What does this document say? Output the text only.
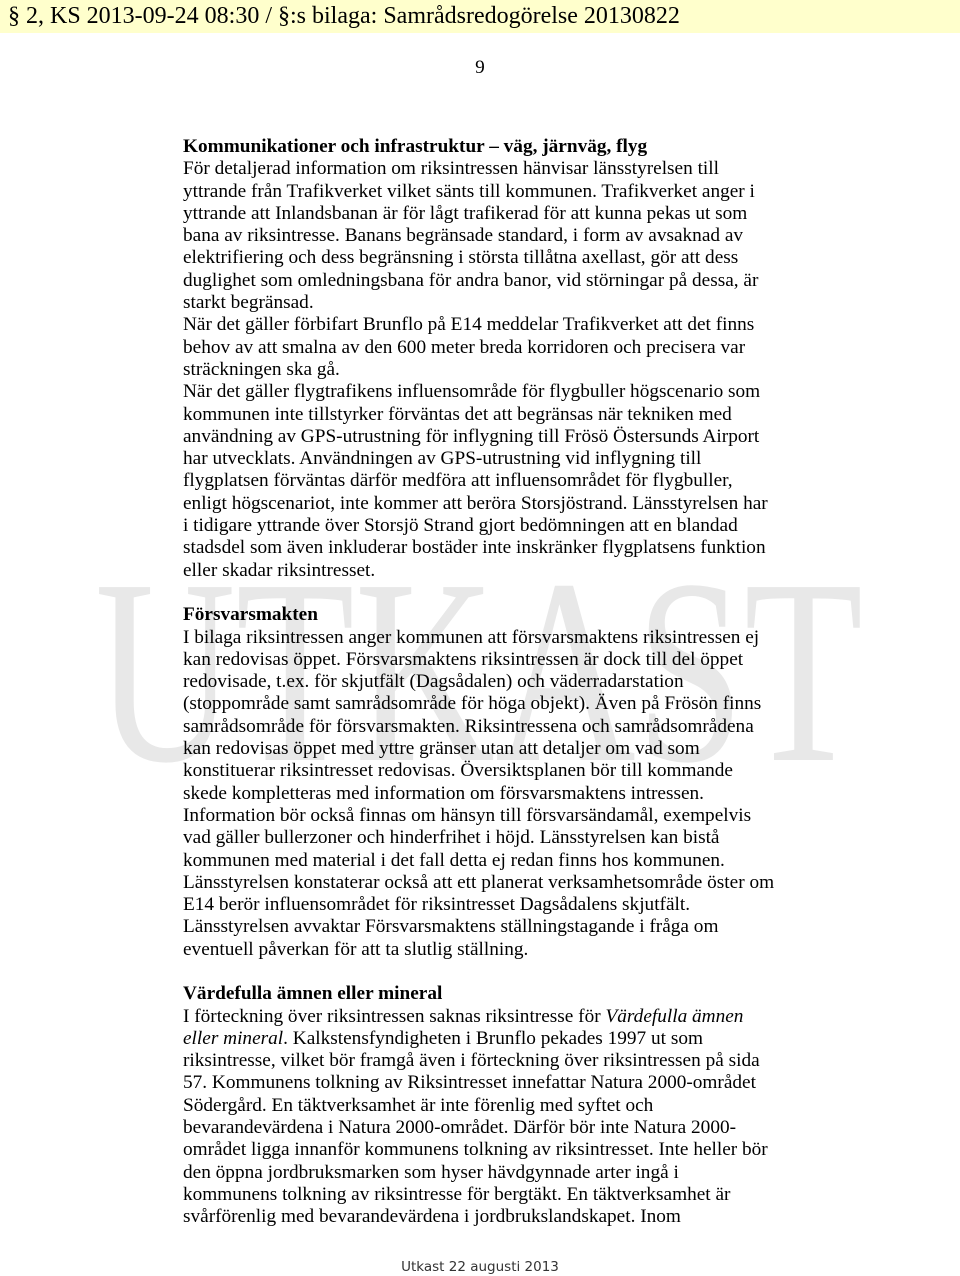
§ 2, KS 2013-09-24 08:30 / §:s bilaga: Samrådsredogörelse 20130822
UTKAST
9
Kommunikationer och infrastruktur – väg, järnväg, flyg
För detaljerad information om riksintressen hänvisar länsstyrelsen till
yttrande från Trafikverket vilket sänts till kommunen. Trafikverket anger i
yttrande att Inlandsbanan är för lågt trafikerad för att kunna pekas ut som
bana av riksintresse. Banans begränsade standard, i form av avsaknad av
elektrifiering och dess begränsning i största tillåtna axellast, gör att dess
duglighet som omledningsbana för andra banor, vid störningar på dessa, är
starkt begränsad.
När det gäller förbifart Brunflo på E14 meddelar Trafikverket att det finns
behov av att smalna av den 600 meter breda korridoren och precisera var
sträckningen ska gå.
När det gäller flygtrafikens influensområde för flygbuller högscenario som
kommunen inte tillstyrker förväntas det att begränsas när tekniken med
användning av GPS-utrustning för inflygning till Frösö Östersunds Airport
har utvecklats. Användningen av GPS-utrustning vid inflygning till
flygplatsen förväntas därför medföra att influensområdet för flygbuller,
enligt högscenariot, inte kommer att beröra Storsjöstrand. Länsstyrelsen har
i tidigare yttrande över Storsjö Strand gjort bedömningen att en blandad
stadsdel som även inkluderar bostäder inte inskränker flygplatsens funktion
eller skadar riksintresset.
Försvarsmakten
I bilaga riksintressen anger kommunen att försvarsmaktens riksintressen ej
kan redovisas öppet. Försvarsmaktens riksintressen är dock till del öppet
redovisade, t.ex. för skjutfält (Dagsådalen) och väderradarstation
(stoppområde samt samrådsområde för höga objekt). Även på Frösön finns
samrådsområde för försvarsmakten. Riksintressena och samrådsområdena
kan redovisas öppet med yttre gränser utan att detaljer om vad som
konstituerar riksintresset redovisas. Översiktsplanen bör till kommande
skede kompletteras med information om försvarsmaktens intressen.
Information bör också finnas om hänsyn till försvarsändamål, exempelvis
vad gäller bullerzoner och hinderfrihet i höjd. Länsstyrelsen kan bistå
kommunen med material i det fall detta ej redan finns hos kommunen.
Länsstyrelsen konstaterar också att ett planerat verksamhetsområde öster om
E14 berör influensområdet för riksintresset Dagsådalens skjutfält.
Länsstyrelsen avvaktar Försvarsmaktens ställningstagande i fråga om
eventuell påverkan för att ta slutlig ställning.
Värdefulla ämnen eller mineral
I förteckning över riksintressen saknas riksintresse för Värdefulla ämnen
eller mineral. Kalkstensfyndigheten i Brunflo pekades 1997 ut som
riksintresse, vilket bör framgå även i förteckning över riksintressen på sida
57. Kommunens tolkning av Riksintresset innefattar Natura 2000-området
Södergård. En täktverksamhet är inte förenlig med syftet och
bevarandevärdena i Natura 2000-området. Därför bör inte Natura 2000-
området ligga innanför kommunens tolkning av riksintresset. Inte heller bör
den öppna jordbruksmarken som hyser hävdgynnade arter ingå i
kommunens tolkning av riksintresse för bergtäkt. En täktverksamhet är
svårförenlig med bevarandevärdena i jordbrukslandskapet. Inom
Utkast 22 augusti 2013
